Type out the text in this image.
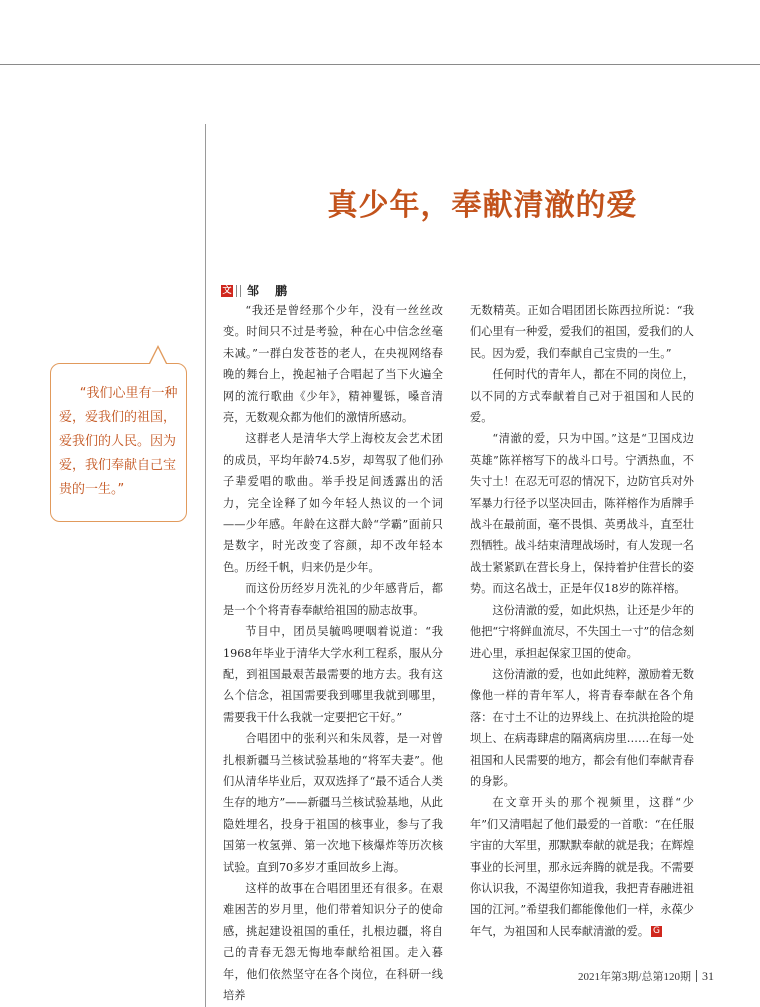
真少年，奉献清澈的爱
文 邹 鹏

“我们心里有一种爱，爱我们的祖国，爱我们的人民。因为爱，我们奉献自己宝贵的一生。”

“我还是曾经那个少年，没有一丝丝改变。时间只不过是考验，种在心中信念丝毫未减。”一群白发苍苍的老人，在央视网络春晚的舞台上，挽起袖子合唱起了当下火遍全网的流行歌曲《少年》，精神矍铄，嗓音清亮，无数观众都为他们的激情所感动。

这群老人是清华大学上海校友会艺术团的成员，平均年龄74.5岁，却驾驭了他们孙子辈爱唱的歌曲。举手投足间透露出的活力，完全诠释了如今年轻人热议的一个词——少年感。年龄在这群大龄“学霸”面前只是数字，时光改变了容颜，却不改年轻本色。历经千帆，归来仍是少年。

而这份历经岁月洗礼的少年感背后，都是一个个将青春奉献给祖国的励志故事。

节目中，团员吴毓鸣哽咽着说道：“我1968年毕业于清华大学水利工程系，服从分配，到祖国最艰苦最需要的地方去。我有这么个信念，祖国需要我到哪里我就到哪里，需要我干什么我就一定要把它干好。”

合唱团中的张利兴和朱凤蓉，是一对曾扎根新疆马兰核试验基地的“将军夫妻”。他们从清华毕业后，双双选择了“最不适合人类生存的地方”——新疆马兰核试验基地，从此隐姓埋名，投身于祖国的核事业，参与了我国第一枚氢弹、第一次地下核爆炸等历次核试验。直到70多岁才重回故乡上海。

这样的故事在合唱团里还有很多。在艰难困苦的岁月里，他们带着知识分子的使命感，挑起建设祖国的重任，扎根边疆，将自己的青春无怨无悔地奉献给祖国。走入暮年，他们依然坚守在各个岗位，在科研一线培养

无数精英。正如合唱团团长陈西拉所说：“我们心里有一种爱，爱我们的祖国，爱我们的人民。因为爱，我们奉献自己宝贵的一生。”

任何时代的青年人，都在不同的岗位上，以不同的方式奉献着自己对于祖国和人民的爱。

“清澈的爱，只为中国。”这是“卫国戍边英雄”陈祥榕写下的战斗口号。宁洒热血，不失寸土！在忍无可忍的情况下，边防官兵对外军暴力行径予以坚决回击，陈祥榕作为盾牌手战斗在最前面，毫不畏惧、英勇战斗，直至壮烈牺牲。战斗结束清理战场时，有人发现一名战士紧紧趴在营长身上，保持着护住营长的姿势。而这名战士，正是年仅18岁的陈祥榕。

这份清澈的爱，如此炽热，让还是少年的他把“宁将鲜血流尽，不失国土一寸”的信念刻进心里，承担起保家卫国的使命。

这份清澈的爱，也如此纯粹，激励着无数像他一样的青年军人，将青春奉献在各个角落：在寸土不让的边界线上、在抗洪抢险的堤坝上、在病毒肆虐的隔离病房里……在每一处祖国和人民需要的地方，都会有他们奉献青春的身影。

在文章开头的那个视频里，这群“少年”们又清唱起了他们最爱的一首歌：“在任服宇宙的大军里，那默默奉献的就是我；在辉煌事业的长河里，那永远奔腾的就是我。不需要你认识我，不渴望你知道我，我把青春融进祖国的江河。”希望我们都能像他们一样，永葆少年气，为祖国和人民奉献清澈的爱。 G

2021年第3期/总第120期 31
